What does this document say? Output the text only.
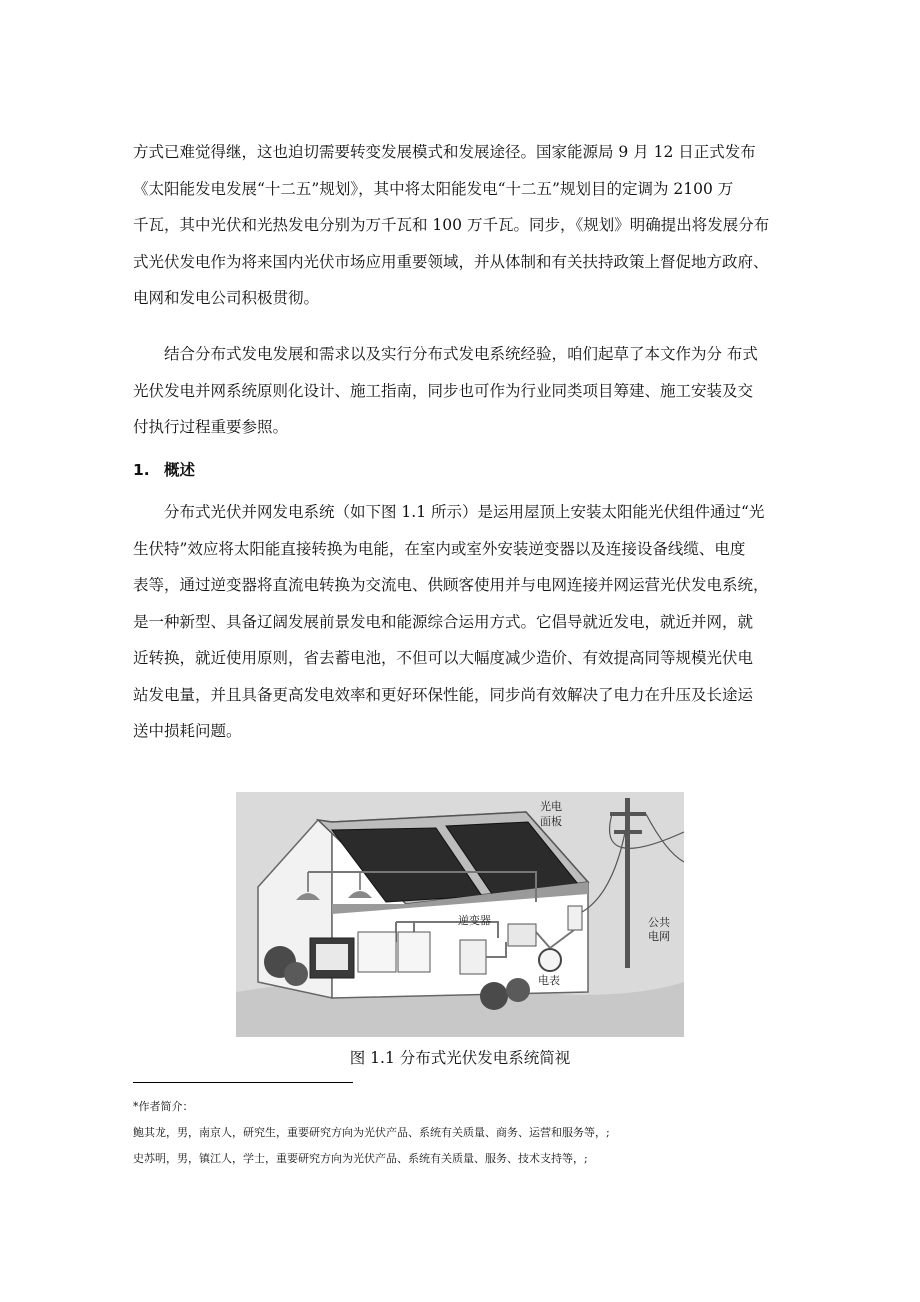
方式已难觉得继，这也迫切需要转变发展模式和发展途径。国家能源局 9 月 12 日正式发布

《太阳能发电发展“十二五”规划》，其中将太阳能发电“十二五”规划目的定调为 2100 万

千瓦，其中光伏和光热发电分别为万千瓦和 100 万千瓦。同步，《规划》明确提出将发展分布

式光伏发电作为将来国内光伏市场应用重要领域，并从体制和有关扶持政策上督促地方政府、

电网和发电公司积极贯彻。

结合分布式发电发展和需求以及实行分布式发电系统经验，咱们起草了本文作为分 布式

光伏发电并网系统原则化设计、施工指南，同步也可作为行业同类项目筹建、施工安装及交

付执行过程重要参照。

1. 概述

分布式光伏并网发电系统（如下图 1.1 所示）是运用屋顶上安装太阳能光伏组件通过“光

生伏特”效应将太阳能直接转换为电能，在室内或室外安装逆变器以及连接设备线缆、电度

表等，通过逆变器将直流电转换为交流电、供顾客使用并与电网连接并网运营光伏发电系统，

是一种新型、具备辽阔发展前景发电和能源综合运用方式。它倡导就近发电，就近并网，就

近转换，就近使用原则，省去蓄电池，不但可以大幅度减少造价、有效提高同等规模光伏电

站发电量，并且具备更高发电效率和更好环保性能，同步尚有效解决了电力在升压及长途运

送中损耗问题。

光电
面板
逆变器
电表
公共
电网
图 1.1 分布式光伏发电系统简视
*作者简介：
鲍其龙，男，南京人，研究生，重要研究方向为光伏产品、系统有关质量、商务、运营和服务等，;
史苏明，男，镇江人，学士，重要研究方向为光伏产品、系统有关质量、服务、技术支持等，;
